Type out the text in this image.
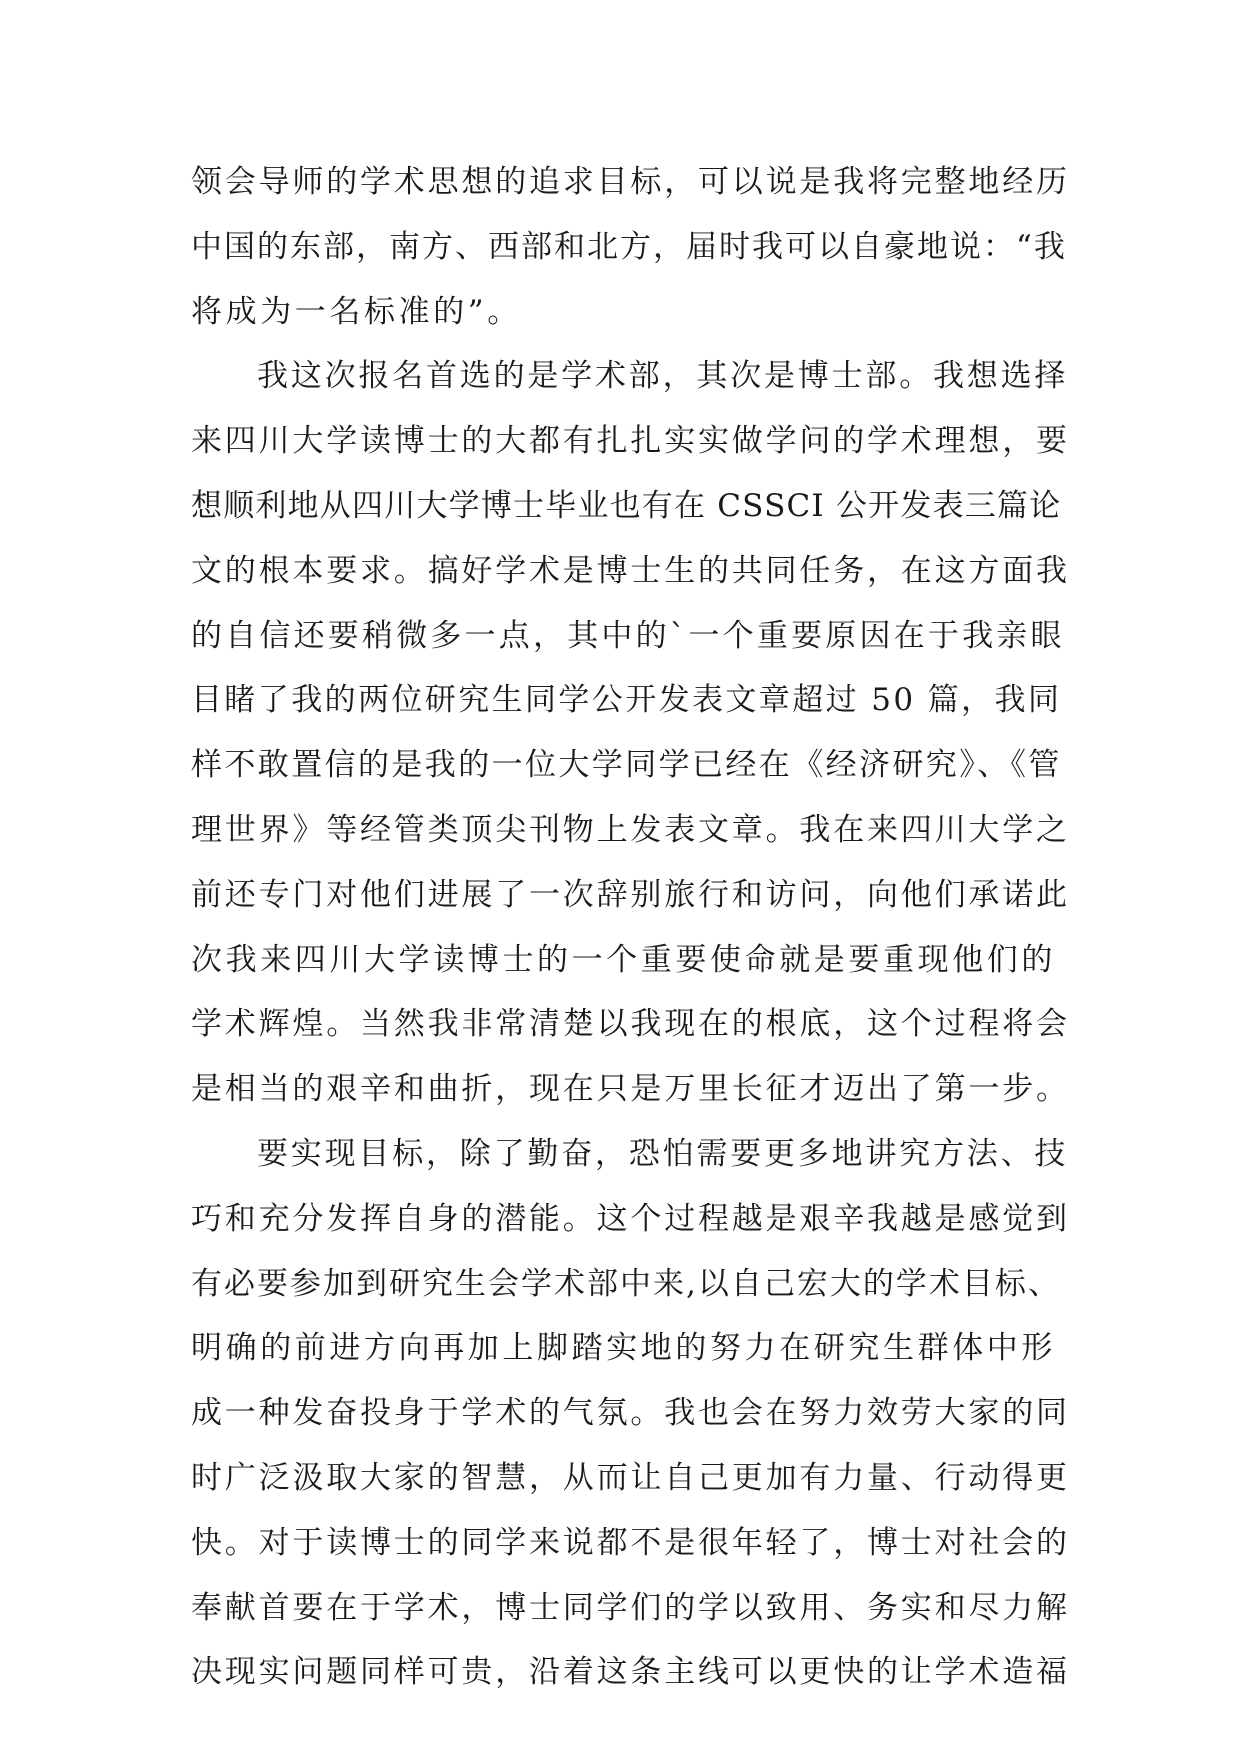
领会导师的学术思想的追求目标，可以说是我将完整地经历
中国的东部，南方、西部和北方，届时我可以自豪地说：“我
将成为一名标准的”。
我这次报名首选的是学术部，其次是博士部。我想选择
来四川大学读博士的大都有扎扎实实做学问的学术理想，要
想顺利地从四川大学博士毕业也有在 CSSCI 公开发表三篇论
文的根本要求。搞好学术是博士生的共同任务，在这方面我
的自信还要稍微多一点，其中的`一个重要原因在于我亲眼
目睹了我的两位研究生同学公开发表文章超过 50 篇，我同
样不敢置信的是我的一位大学同学已经在《经济研究》、《管
理世界》等经管类顶尖刊物上发表文章。我在来四川大学之
前还专门对他们进展了一次辞别旅行和访问，向他们承诺此
次我来四川大学读博士的一个重要使命就是要重现他们的
学术辉煌。当然我非常清楚以我现在的根底，这个过程将会
是相当的艰辛和曲折，现在只是万里长征才迈出了第一步。
要实现目标，除了勤奋，恐怕需要更多地讲究方法、技
巧和充分发挥自身的潜能。这个过程越是艰辛我越是感觉到
有必要参加到研究生会学术部中来,以自己宏大的学术目标、
明确的前进方向再加上脚踏实地的努力在研究生群体中形
成一种发奋投身于学术的气氛。我也会在努力效劳大家的同
时广泛汲取大家的智慧，从而让自己更加有力量、行动得更
快。对于读博士的同学来说都不是很年轻了，博士对社会的
奉献首要在于学术，博士同学们的学以致用、务实和尽力解
决现实问题同样可贵，沿着这条主线可以更快的让学术造福
